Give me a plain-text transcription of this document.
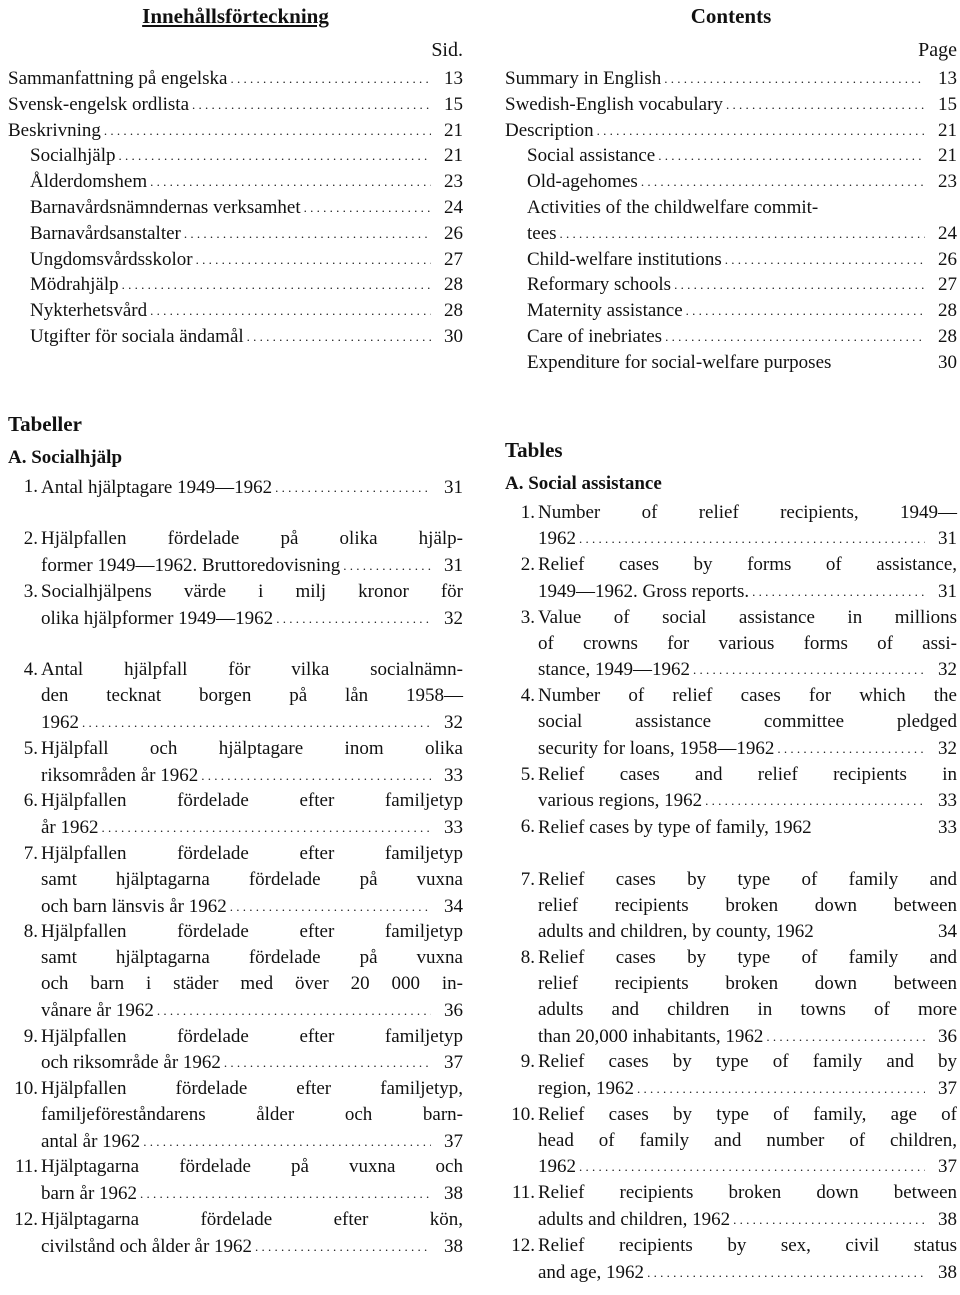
Innehållsförteckning
Sid.
Sammanfattning på engelska . . .	13
Svensk-engelsk ordlista . . .	15
Beskrivning . . .	21
Socialhjälp . . .	21
Ålderdomshem . . .	23
Barnavårdsnämndernas verksamhet . . .	24
Barnavårdsanstalter . . .	26
Ungdomsvårdsskolor . . .	27
Mödrahjälp . . .	28
Nykterhetsvård . . .	28
Utgifter för sociala ändamål . . .	30
Tabeller
A. Socialhjälp
1. Antal hjälptagare 1949—1962 . . .	31
2. Hjälpfallen fördelade på olika hjälp-
former 1949—1962. Bruttoredovisning . . .	31
3. Socialhjälpens värde i milj kronor för
olika hjälpformer 1949—1962 . . .	32
4. Antal hjälpfall för vilka socialnämn-
den tecknat borgen på lån 1958—
1962 . . .	32
5. Hjälpfall och hjälptagare inom olika
riksområden år 1962 . . .	33
6. Hjälpfallen fördelade efter familjetyp
år 1962 . . .	33
7. Hjälpfallen fördelade efter familjetyp
samt hjälptagarna fördelade på vuxna
och barn länsvis år 1962 . . .	34
8. Hjälpfallen fördelade efter familjetyp
samt hjälptagarna fördelade på vuxna
och barn i städer med över 20 000 in-
vånare år 1962 . . .	36
9. Hjälpfallen fördelade efter familjetyp
och riksområde år 1962 . . .	37
10. Hjälpfallen fördelade efter familjetyp,
familjeföreståndarens ålder och barn-
antal år 1962 . . .	37
11. Hjälptagarna fördelade på vuxna och
barn år 1962 . . .	38
12. Hjälptagarna fördelade efter kön,
civilstånd och ålder år 1962 . . .	38
Contents
Page
Summary in English . . .	13
Swedish-English vocabulary . . .	15
Description . . .	21
Social assistance . . .	21
Old-agehomes . . .	23
Activities of the childwelfare commit-
tees . . .	24
Child-welfare institutions . . .	26
Reformary schools . . .	27
Maternity assistance . . .	28
Care of inebriates . . .	28
Expenditure for social-welfare purposes	30
Tables
A. Social assistance
1. Number of relief recipients, 1949—
1962 . . .	31
2. Relief cases by forms of assistance,
1949—1962. Gross reports. . . .	31
3. Value of social assistance in millions
of crowns for various forms of assi-
stance, 1949—1962 . . .	32
4. Number of relief cases for which the
social assistance committee pledged
security for loans, 1958—1962 . . .	32
5. Relief cases and relief recipients in
various regions, 1962 . . .	33
6. Relief cases by type of family, 1962	33
7. Relief cases by type of family and
relief recipients broken down between
adults and children, by county, 1962	34
8. Relief cases by type of family and
relief recipients broken down between
adults and children in towns of more
than 20,000 inhabitants, 1962 . . .	36
9. Relief cases by type of family and by
region, 1962 . . .	37
10. Relief cases by type of family, age of
head of family and number of children,
1962 . . .	37
11. Relief recipients broken down between
adults and children, 1962 . . .	38
12. Relief recipients by sex, civil status
and age, 1962 . . .	38
